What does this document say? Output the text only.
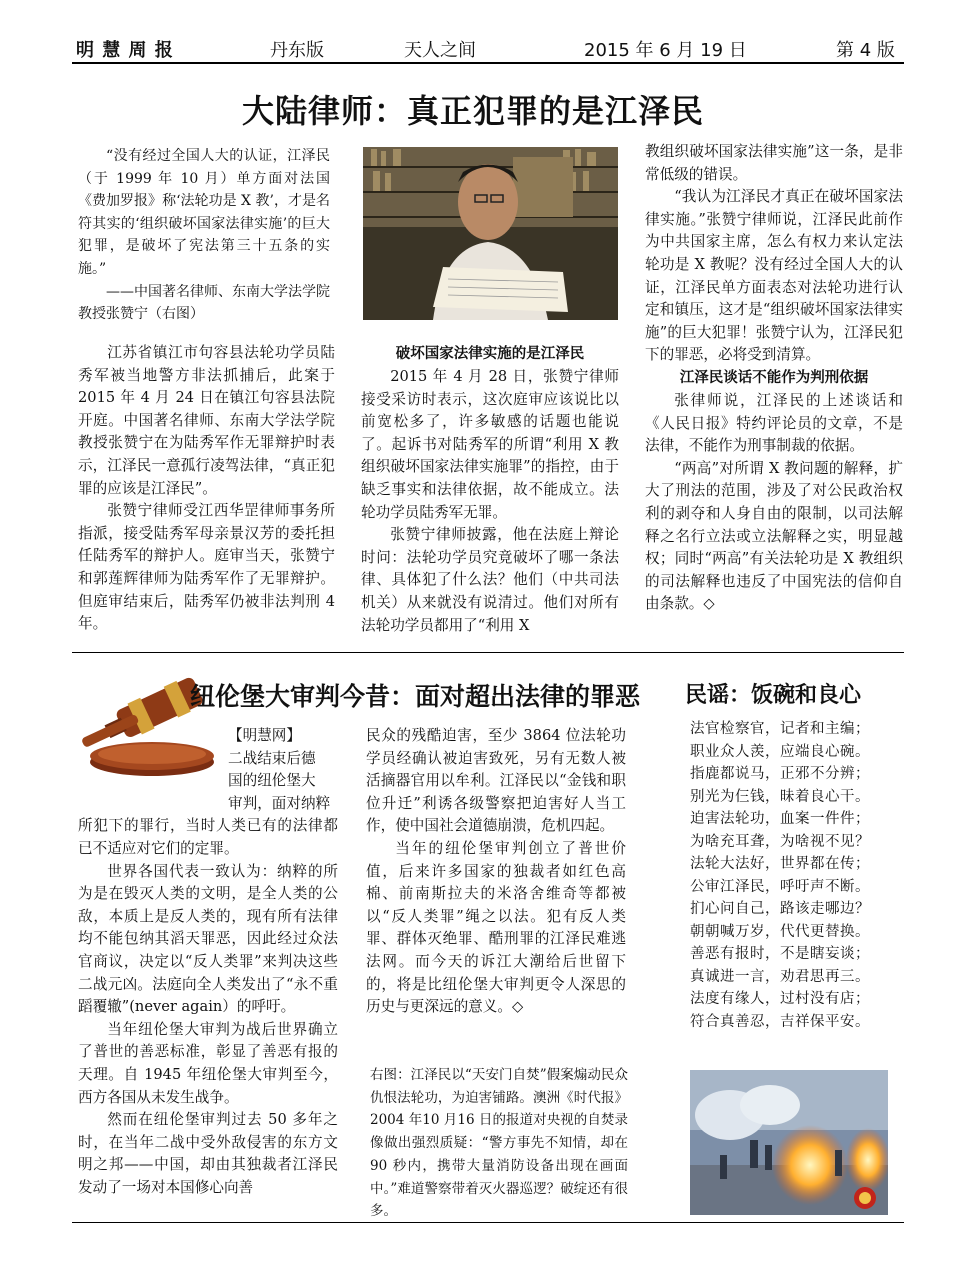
明 慧 周 报	丹东版	天人之间	2015 年 6 月 19 日	第 4 版
大陆律师：真正犯罪的是江泽民
“没有经过全国人大的认证，江泽民（于 1999 年 10 月）单方面对法国《费加罗报》称‘法轮功是 X 教’，才是名符其实的‘组织破坏国家法律实施’的巨大犯罪，是破坏了宪法第三十五条的实施。”
——中国著名律师、东南大学法学院教授张赞宁（右图）

江苏省镇江市句容县法轮功学员陆秀军被当地警方非法抓捕后，此案于2015 年 4 月 24 日在镇江句容县法院开庭。中国著名律师、东南大学法学院教授张赞宁在为陆秀军作无罪辩护时表示，江泽民一意孤行凌驾法律，“真正犯罪的应该是江泽民”。

张赞宁律师受江西华罡律师事务所指派，接受陆秀军母亲景汉芳的委托担任陆秀军的辩护人。庭审当天，张赞宁和郭莲辉律师为陆秀军作了无罪辩护。但庭审结束后，陆秀军仍被非法判刑 4 年。

破坏国家法律实施的是江泽民

2015 年 4 月 28 日，张赞宁律师接受采访时表示，这次庭审应该说比以前宽松多了，许多敏感的话题也能说了。起诉书对陆秀军的所谓“利用 X 教组织破坏国家法律实施罪”的指控，由于缺乏事实和法律依据，故不能成立。法轮功学员陆秀军无罪。

张赞宁律师披露，他在法庭上辩论时问：法轮功学员究竟破坏了哪一条法律、具体犯了什么法？他们（中共司法机关）从来就没有说清过。他们对所有法轮功学员都用了“利用 X

教组织破坏国家法律实施”这一条，是非常低级的错误。

“我认为江泽民才真正在破坏国家法律实施。”张赞宁律师说，江泽民此前作为中共国家主席，怎么有权力来认定法轮功是 X 教呢？没有经过全国人大的认证，江泽民单方面表态对法轮功进行认定和镇压，这才是“组织破坏国家法律实施”的巨大犯罪！张赞宁认为，江泽民犯下的罪恶，必将受到清算。

江泽民谈话不能作为判刑依据

张律师说，江泽民的上述谈话和《人民日报》特约评论员的文章，不是法律，不能作为刑事制裁的依据。

“两高”对所谓 X 教问题的解释，扩大了刑法的范围，涉及了对公民政治权利的剥夺和人身自由的限制，以司法解释之名行立法或立法解释之实，明显越权；同时“两高”有关法轮功是 X 教组织的司法解释也违反了中国宪法的信仰自由条款。◇

纽伦堡大审判今昔：面对超出法律的罪恶
【明慧网】
二战结束后德
国的纽伦堡大
审判，面对纳粹

所犯下的罪行，当时人类已有的法律都已不适应对它们的定罪。

世界各国代表一致认为：纳粹的所为是在毁灭人类的文明，是全人类的公敌，本质上是反人类的，现有所有法律均不能包纳其滔天罪恶，因此经过众法官商议，决定以“反人类罪”来判决这些二战元凶。法庭向全人类发出了“永不重蹈覆辙”(never again）的呼吁。

当年纽伦堡大审判为战后世界确立了普世的善恶标准，彰显了善恶有报的天理。自 1945 年纽伦堡大审判至今，西方各国从未发生战争。

然而在纽伦堡审判过去 50 多年之时，在当年二战中受外敌侵害的东方文明之邦——中国，却由其独裁者江泽民发动了一场对本国修心向善

民众的残酷迫害，至少 3864 位法轮功学员经确认被迫害致死，另有无数人被活摘器官用以牟利。江泽民以“金钱和职位升迁”利诱各级警察把迫害好人当工作，使中国社会道德崩溃，危机四起。

当年的纽伦堡审判创立了普世价值，后来许多国家的独裁者如红色高棉、前南斯拉夫的米洛舍维奇等都被以“反人类罪”绳之以法。犯有反人类罪、群体灭绝罪、酷刑罪的江泽民难逃法网。而今天的诉江大潮给后世留下的，将是比纽伦堡大审判更令人深思的历史与更深远的意义。◇

右图：江泽民以“天安门自焚”假案煽动民众仇恨法轮功，为迫害铺路。澳洲《时代报》2004 年10 月16 日的报道对央视的自焚录像做出强烈质疑：“警方事先不知情，却在 90 秒内，携带大量消防设备出现在画面中。”难道警察带着灭火器巡逻？破绽还有很多。
民谣：饭碗和良心
法官检察官，记者和主编；
职业众人羡，应端良心碗。
指鹿都说马，正邪不分辨；
别光为仨钱，昧着良心干。
迫害法轮功，血案一件件；
为啥充耳聋，为啥视不见？
法轮大法好，世界都在传；
公审江泽民，呼吁声不断。
扪心问自己，路该走哪边？
朝朝喊万岁，代代更替换。
善恶有报时，不是瞎妄谈；
真诚进一言，劝君思再三。
法度有缘人，过村没有店；
符合真善忍，吉祥保平安。
